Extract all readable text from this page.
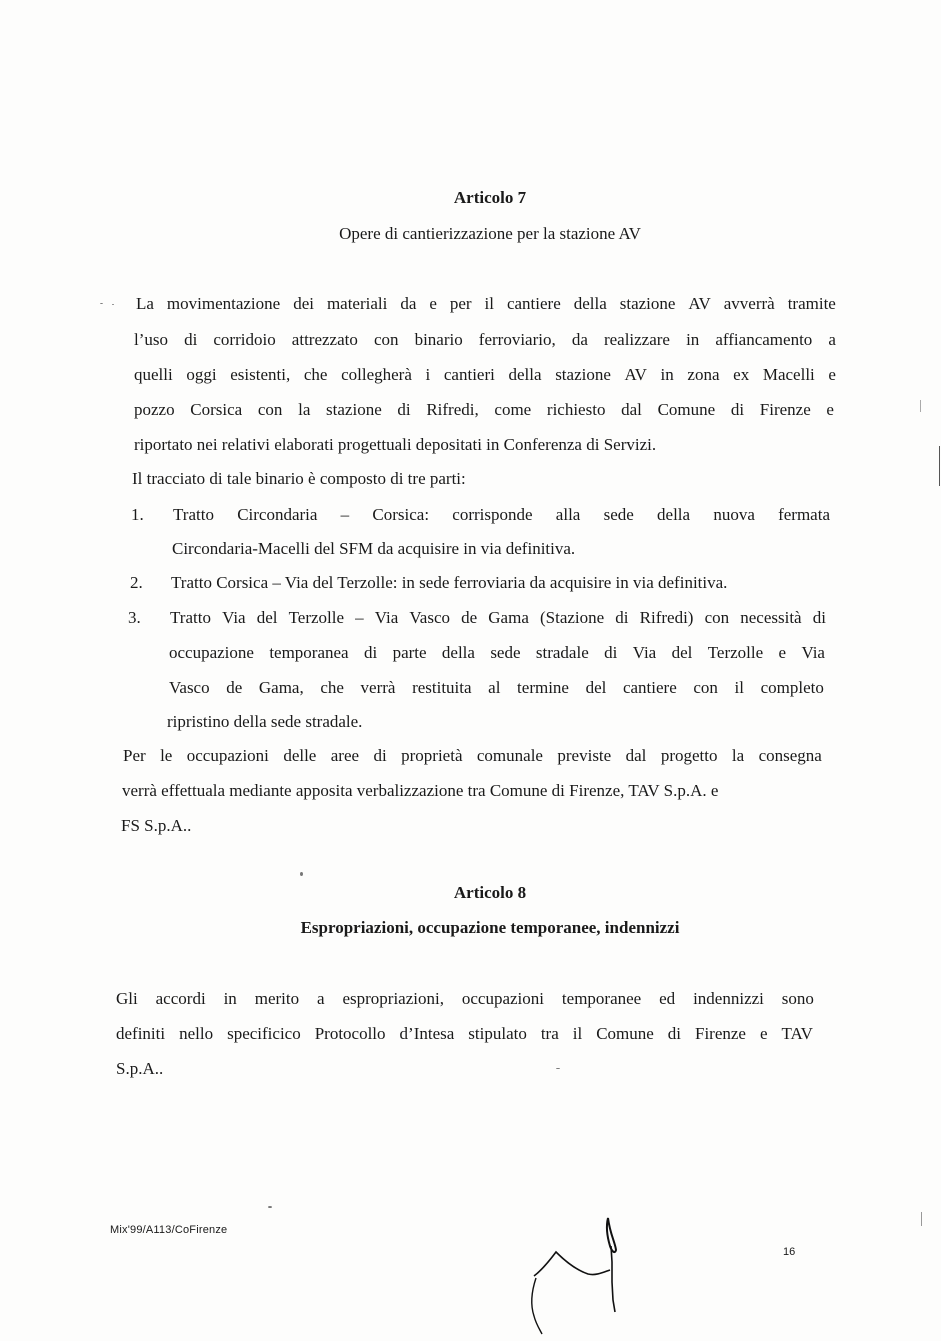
Articolo 7
Opere di cantierizzazione per la stazione AV
La movimentazione dei materiali da e per il cantiere della stazione AV avverrà tramite
l’uso di corridoio attrezzato con binario ferroviario, da realizzare in affiancamento a
quelli oggi esistenti, che collegherà i cantieri della stazione AV in zona ex Macelli e
pozzo Corsica con la stazione di Rifredi, come richiesto dal Comune di Firenze e
riportato nei relativi elaborati progettuali depositati in Conferenza di Servizi.
Il tracciato di tale binario è composto di tre parti:
1. Tratto Circondaria – Corsica: corrisponde alla sede della nuova fermata
Circondaria-Macelli del SFM da acquisire in via definitiva.
2. Tratto Corsica – Via del Terzolle: in sede ferroviaria da acquisire in via definitiva.
3. Tratto Via del Terzolle – Via Vasco de Gama (Stazione di Rifredi) con necessità di
occupazione temporanea di parte della sede stradale di Via del Terzolle e Via
Vasco de Gama, che verrà restituita al termine del cantiere con il completo
ripristino della sede stradale.
Per le occupazioni delle aree di proprietà comunale previste dal progetto la consegna
verrà effettuala mediante apposita verbalizzazione tra Comune di Firenze, TAV S.p.A. e
FS S.p.A..
Articolo 8
Espropriazioni, occupazione temporanee, indennizzi
Gli accordi in merito a espropriazioni, occupazioni temporanee ed indennizzi sono
definiti nello specificico Protocollo d’Intesa stipulato tra il Comune di Firenze e TAV
S.p.A..
Mix'99/A113/CoFirenze
16
